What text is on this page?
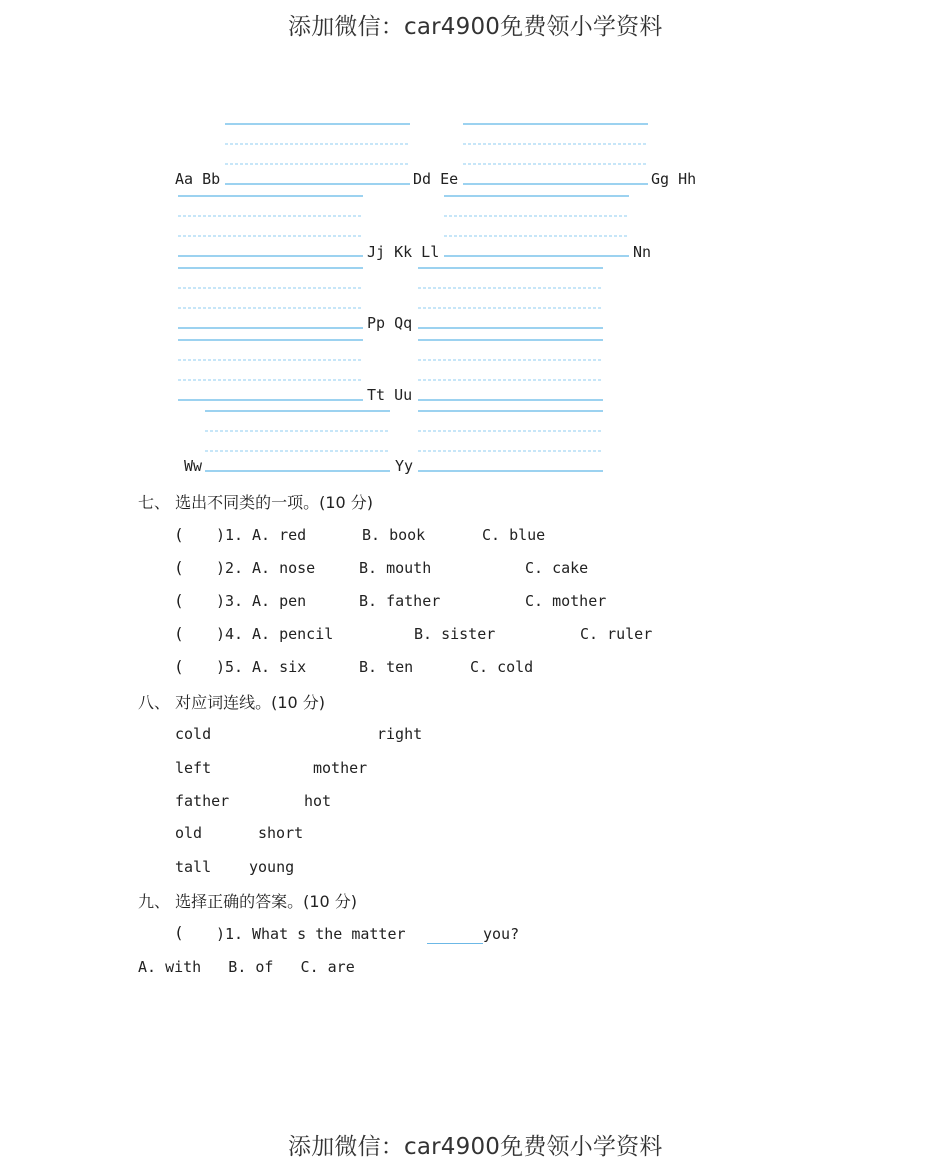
添加微信：car4900免费领小学资料
添加微信：car4900免费领小学资料
Aa Bb	Dd Ee	Gg Hh
Jj Kk Ll	Nn
Pp Qq
Tt Uu
Ww	Yy
七、 选出不同类的一项。(10 分)
( )1. A. red	B. book	C. blue
( )2. A. nose	B. mouth	C. cake
( )3. A. pen	B. father	C. mother
( )4. A. pencil	B. sister	C. ruler
( )5. A. six	B. ten	C. cold
八、 对应词连线。(10 分)
cold	right
left	mother
father	hot
old	short
tall	young
九、 选择正确的答案。(10 分)
( )1. What s the matter	you?
A. with   B. of   C. are
